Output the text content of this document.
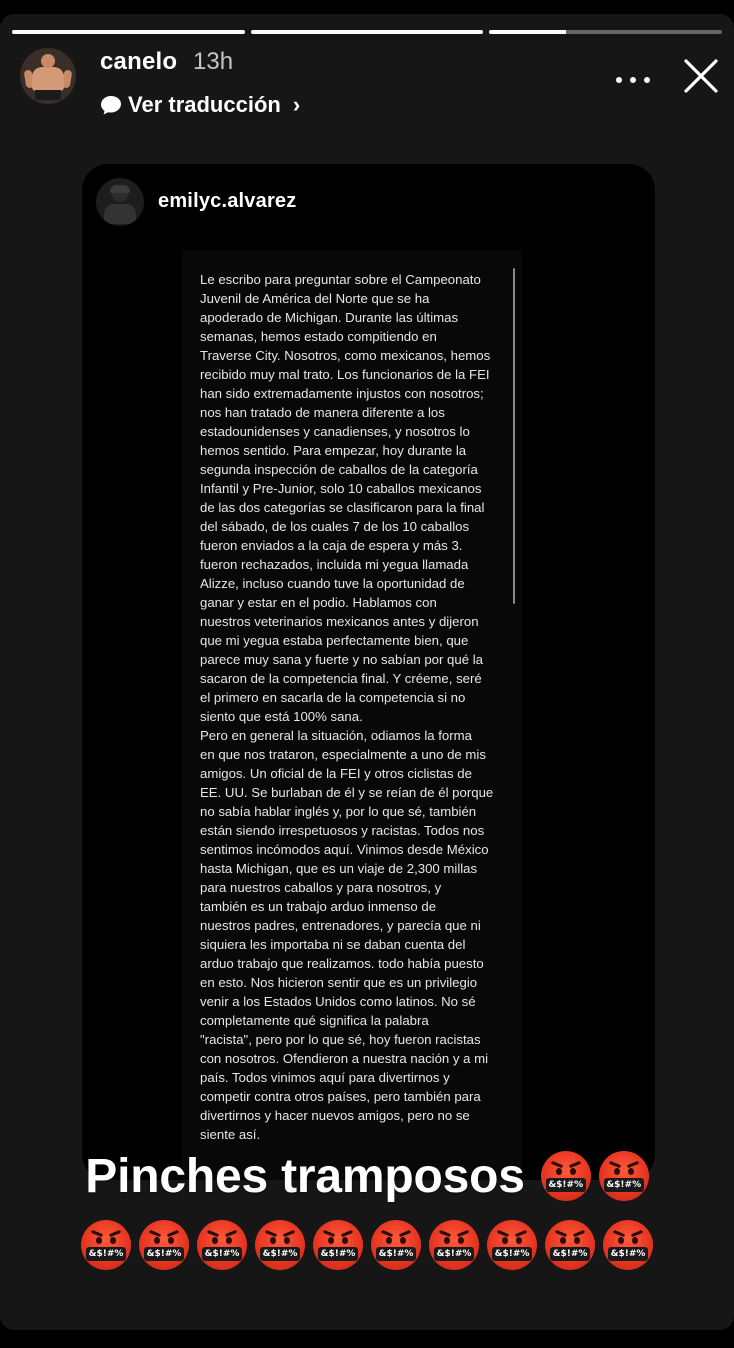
canelo 13h
Ver traducción ›
emilyc.alvarez
Le escribo para preguntar sobre el Campeonato
Juvenil de América del Norte que se ha
apoderado de Michigan. Durante las últimas
semanas, hemos estado compitiendo en
Traverse City. Nosotros, como mexicanos, hemos
recibido muy mal trato. Los funcionarios de la FEI
han sido extremadamente injustos con nosotros;
nos han tratado de manera diferente a los
estadounidenses y canadienses, y nosotros lo
hemos sentido. Para empezar, hoy durante la
segunda inspección de caballos de la categoría
Infantil y Pre-Junior, solo 10 caballos mexicanos
de las dos categorías se clasificaron para la final
del sábado, de los cuales 7 de los 10 caballos
fueron enviados a la caja de espera y más 3.
fueron rechazados, incluida mi yegua llamada
Alizze, incluso cuando tuve la oportunidad de
ganar y estar en el podio. Hablamos con
nuestros veterinarios mexicanos antes y dijeron
que mi yegua estaba perfectamente bien, que
parece muy sana y fuerte y no sabían por qué la
sacaron de la competencia final. Y créeme, seré
el primero en sacarla de la competencia si no
siento que está 100% sana.
Pero en general la situación, odiamos la forma
en que nos trataron, especialmente a uno de mis
amigos. Un oficial de la FEI y otros ciclistas de
EE. UU. Se burlaban de él y se reían de él porque
no sabía hablar inglés y, por lo que sé, también
están siendo irrespetuosos y racistas. Todos nos
sentimos incómodos aquí. Vinimos desde México
hasta Michigan, que es un viaje de 2,300 millas
para nuestros caballos y para nosotros, y
también es un trabajo arduo inmenso de
nuestros padres, entrenadores, y parecía que ni
siquiera les importaba ni se daban cuenta del
arduo trabajo que realizamos. todo había puesto
en esto. Nos hicieron sentir que es un privilegio
venir a los Estados Unidos como latinos. No sé
completamente qué significa la palabra
"racista", pero por lo que sé, hoy fueron racistas
con nosotros. Ofendieron a nuestra nación y a mi
país. Todos vinimos aquí para divertirnos y
competir contra otros países, pero también para
divertirnos y hacer nuevos amigos, pero no se
siente así.
Pinches tramposos	&$!#%	&$!#%
&$!#%	&$!#%	&$!#%	&$!#%	&$!#%	&$!#%	&$!#%	&$!#%	&$!#%	&$!#%
